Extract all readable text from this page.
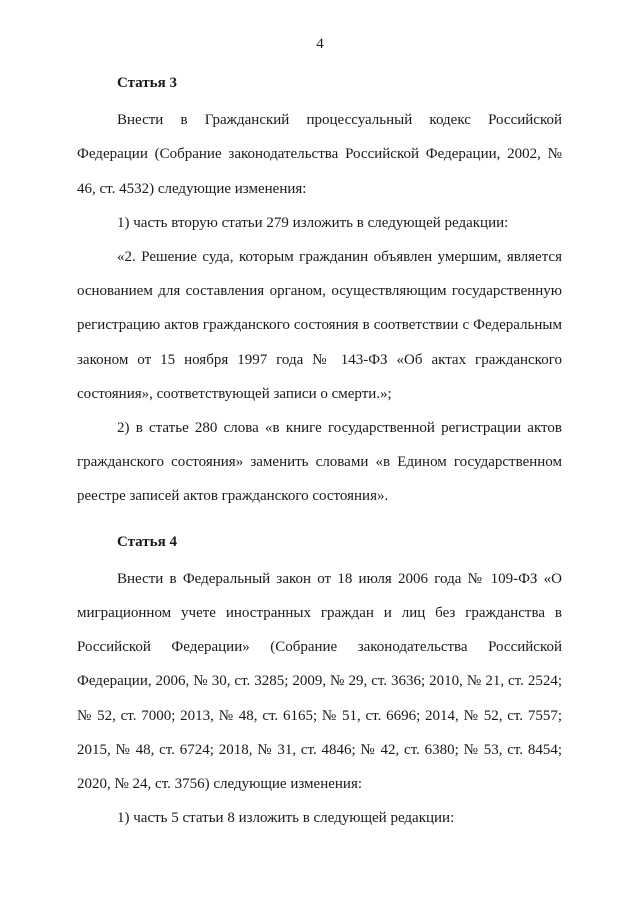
4

Статья 3

Внести в Гражданский процессуальный кодекс Российской Федерации (Собрание законодательства Российской Федерации, 2002, № 46, ст. 4532) следующие изменения:

1) часть вторую статьи 279 изложить в следующей редакции:

«2. Решение суда, которым гражданин объявлен умершим, является основанием для составления органом, осуществляющим государственную регистрацию актов гражданского состояния в соответствии с Федеральным законом от 15 ноября 1997 года № 143-ФЗ «Об актах гражданского состояния», соответствующей записи о смерти.»;

2) в статье 280 слова «в книге государственной регистрации актов гражданского состояния» заменить словами «в Едином государственном реестре записей актов гражданского состояния».

Статья 4

Внести в Федеральный закон от 18 июля 2006 года № 109-ФЗ «О миграционном учете иностранных граждан и лиц без гражданства в Российской Федерации» (Собрание законодательства Российской Федерации, 2006, № 30, ст. 3285; 2009, № 29, ст. 3636; 2010, № 21, ст. 2524; № 52, ст. 7000; 2013, № 48, ст. 6165; № 51, ст. 6696; 2014, № 52, ст. 7557; 2015, № 48, ст. 6724; 2018, № 31, ст. 4846; № 42, ст. 6380; № 53, ст. 8454; 2020, № 24, ст. 3756) следующие изменения:

1) часть 5 статьи 8 изложить в следующей редакции:
